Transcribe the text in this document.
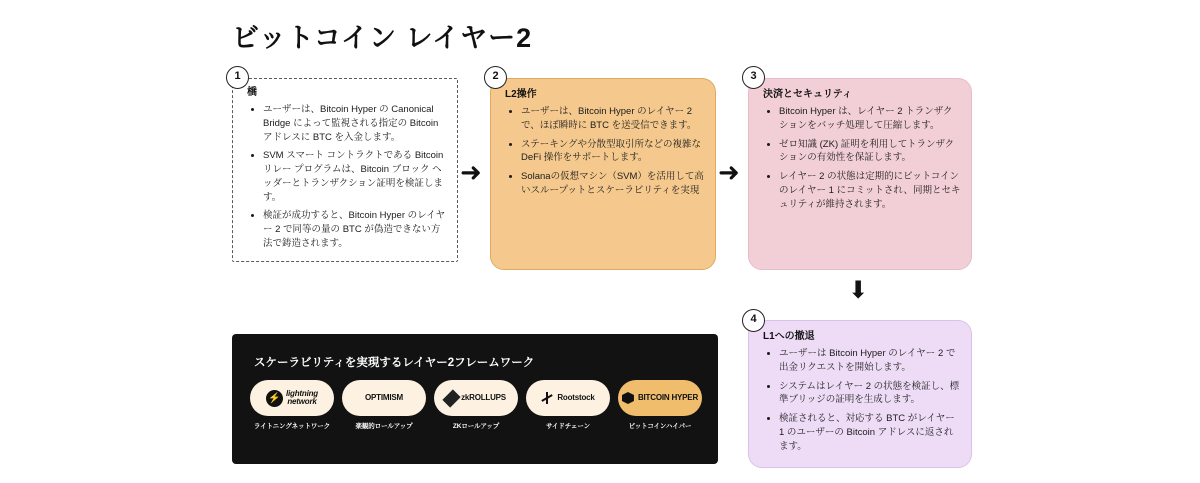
ビットコイン レイヤー2
1
橋
• ユーザーは、Bitcoin Hyper の Canonical Bridge によって監視される指定の Bitcoin アドレスに BTC を入金します。
• SVM スマート コントラクトである Bitcoin リレー プログラムは、Bitcoin ブロック ヘッダーとトランザクション証明を検証します。
• 検証が成功すると、Bitcoin Hyper のレイヤー 2 で同等の量の BTC が偽造できない方法で鋳造されます。
➜
2
L2操作
• ユーザーは、Bitcoin Hyper のレイヤー 2 で、ほぼ瞬時に BTC を送受信できます。
• ステーキングや分散型取引所などの複雑な DeFi 操作をサポートします。
• Solanaの仮想マシン（SVM）を活用して高いスループットとスケーラビリティを実現
➜
3
決済とセキュリティ
• Bitcoin Hyper は、レイヤー 2 トランザクションをバッチ処理して圧縮します。
• ゼロ知識 (ZK) 証明を利用してトランザクションの有効性を保証します。
• レイヤー 2 の状態は定期的にビットコインのレイヤー 1 にコミットされ、同期とセキュリティが維持されます。
⬇
4
L1への撤退
• ユーザーは Bitcoin Hyper のレイヤー 2 で出金リクエストを開始します。
• システムはレイヤー 2 の状態を検証し、標準ブリッジの証明を生成します。
• 検証されると、対応する BTC がレイヤー 1 のユーザーの Bitcoin アドレスに返されます。
スケーラビリティを実現するレイヤー2フレームワーク
⚡ lightning
network
ライトニングネットワーク
OPTIMISM
楽観的ロールアップ
zkROLLUPS
ZKロールアップ
Rootstock
サイドチェーン
BITCOIN HYPER
ビットコインハイパー
